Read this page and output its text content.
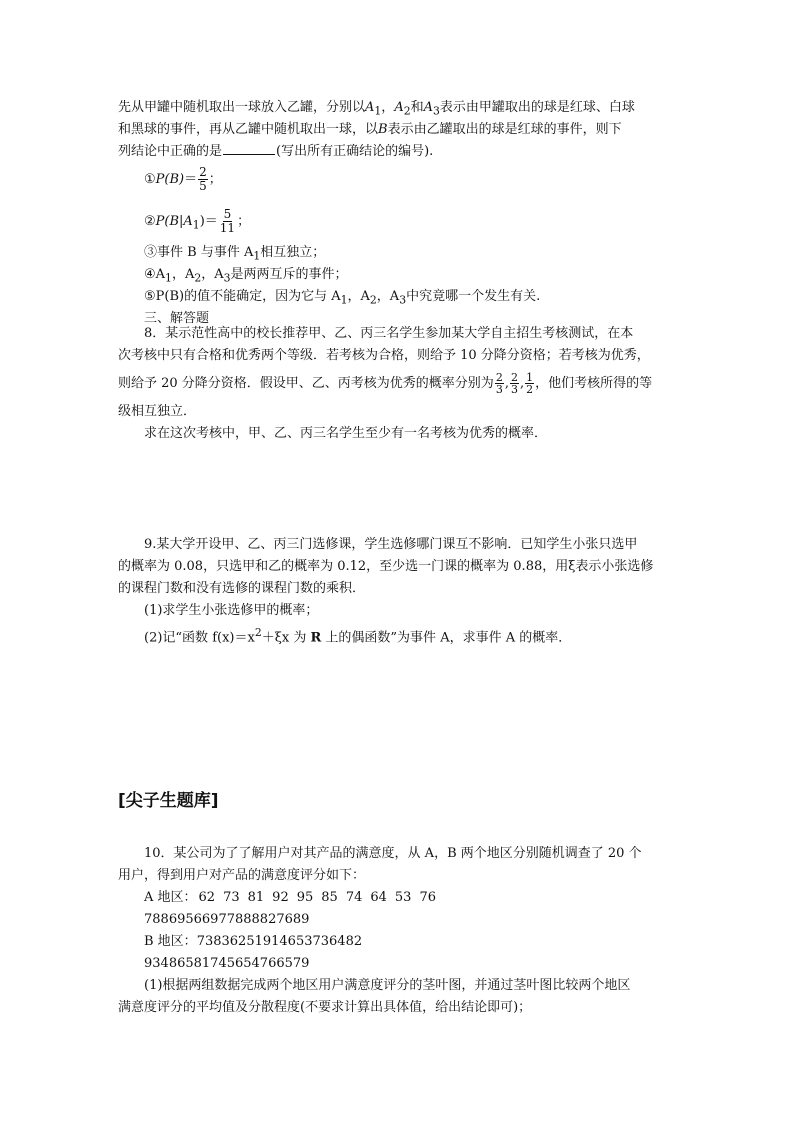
先从甲罐中随机取出一球放入乙罐，分别以$A_1$，$A_2$和$A_3$表示由甲罐取出的球是红球、白球
和黑球的事件，再从乙罐中随机取出一球，以B表示由乙罐取出的球是红球的事件，则下
列结论中正确的是	(写出所有正确结论的编号).
①P(B)＝ $\frac{2}{5}$ ；
$②P(B|A_1)= \frac{5}{11}$ ；
③事件 B 与事件 $A_1$相互独立；
$④A_1$，$A_2$，$A_3$是两两互斥的事件；
⑤P(B)的值不能确定，因为它与 $A_1$，$A_2$，$A_3$中究竟哪一个发生有关.
三、解答题
8．某示范性高中的校长推荐甲、乙、丙三名学生参加某大学自主招生考核测试，在本
次考核中只有合格和优秀两个等级．若考核为合格，则给予 10 分降分资格；若考核为优秀，
则给予 20 分降分资格．假设甲、乙、丙考核为优秀的概率分别为 $\frac{2}{3}$ , $\frac{2}{3}$ , $\frac{1}{2}$ ，他们考核所得的等
级相互独立．
求在这次考核中，甲、乙、丙三名学生至少有一名考核为优秀的概率．
9.某大学开设甲、乙、丙三门选修课，学生选修哪门课互不影响．已知学生小张只选甲
的概率为 0.08，只选甲和乙的概率为 0.12，至少选一门课的概率为 0.88，用ξ表示小张选修
的课程门数和没有选修的课程门数的乘积．
(1)求学生小张选修甲的概率；
(2)记“函数 $f(x)=x^2+\xi x$ 为 R 上的偶函数”为事件 A，求事件 A 的概率．
[尖子生题库]
10．某公司为了了解用户对其产品的满意度，从 A，B 两个地区分别随机调查了 20 个
用户，得到用户对产品的满意度评分如下：
A 地区： 62 73 81 92 95 85 74 64 53 76
78869566977888827689
B 地区：73836251914653736482
93486581745654766579
(1)根据两组数据完成两个地区用户满意度评分的茎叶图，并通过茎叶图比较两个地区
满意度评分的平均值及分散程度(不要求计算出具体值，给出结论即可)；
